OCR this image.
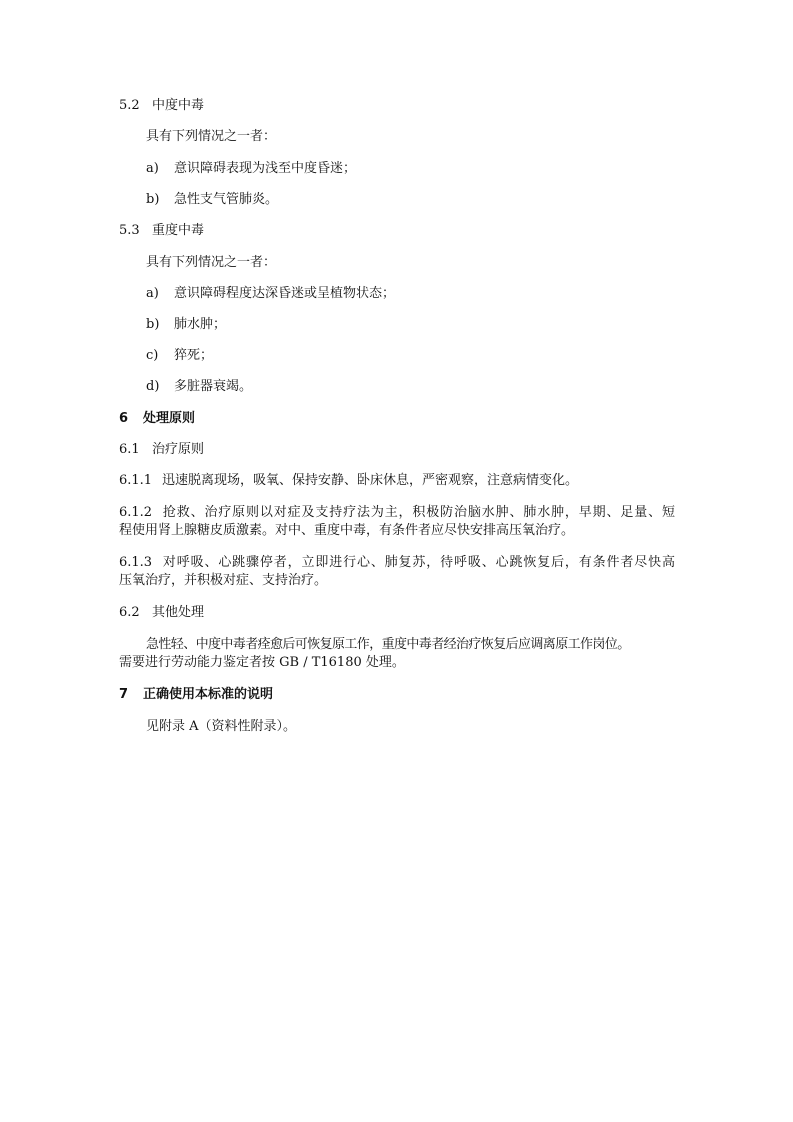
5.2 中度中毒
具有下列情况之一者：
a) 意识障碍表现为浅至中度昏迷；
b) 急性支气管肺炎。
5.3 重度中毒
具有下列情况之一者：
a) 意识障碍程度达深昏迷或呈植物状态；
b) 肺水肿；
c) 猝死；
d) 多脏器衰竭。
6 处理原则
6.1 治疗原则
6.1.1 迅速脱离现场，吸氧、保持安静、卧床休息，严密观察，注意病情变化。
6.1.2 抢救、治疗原则以对症及支持疗法为主，积极防治脑水肿、肺水肿，早期、足量、短
程使用肾上腺糖皮质激素。对中、重度中毒，有条件者应尽快安排高压氧治疗。
6.1.3 对呼吸、心跳骤停者，立即进行心、肺复苏，待呼吸、心跳恢复后，有条件者尽快高
压氧治疗，并积极对症、支持治疗。
6.2 其他处理
急性轻、中度中毒者痊愈后可恢复原工作，重度中毒者经治疗恢复后应调离原工作岗位。
需要进行劳动能力鉴定者按 GB / T16180 处理。
7 正确使用本标准的说明
见附录 A（资料性附录）。
